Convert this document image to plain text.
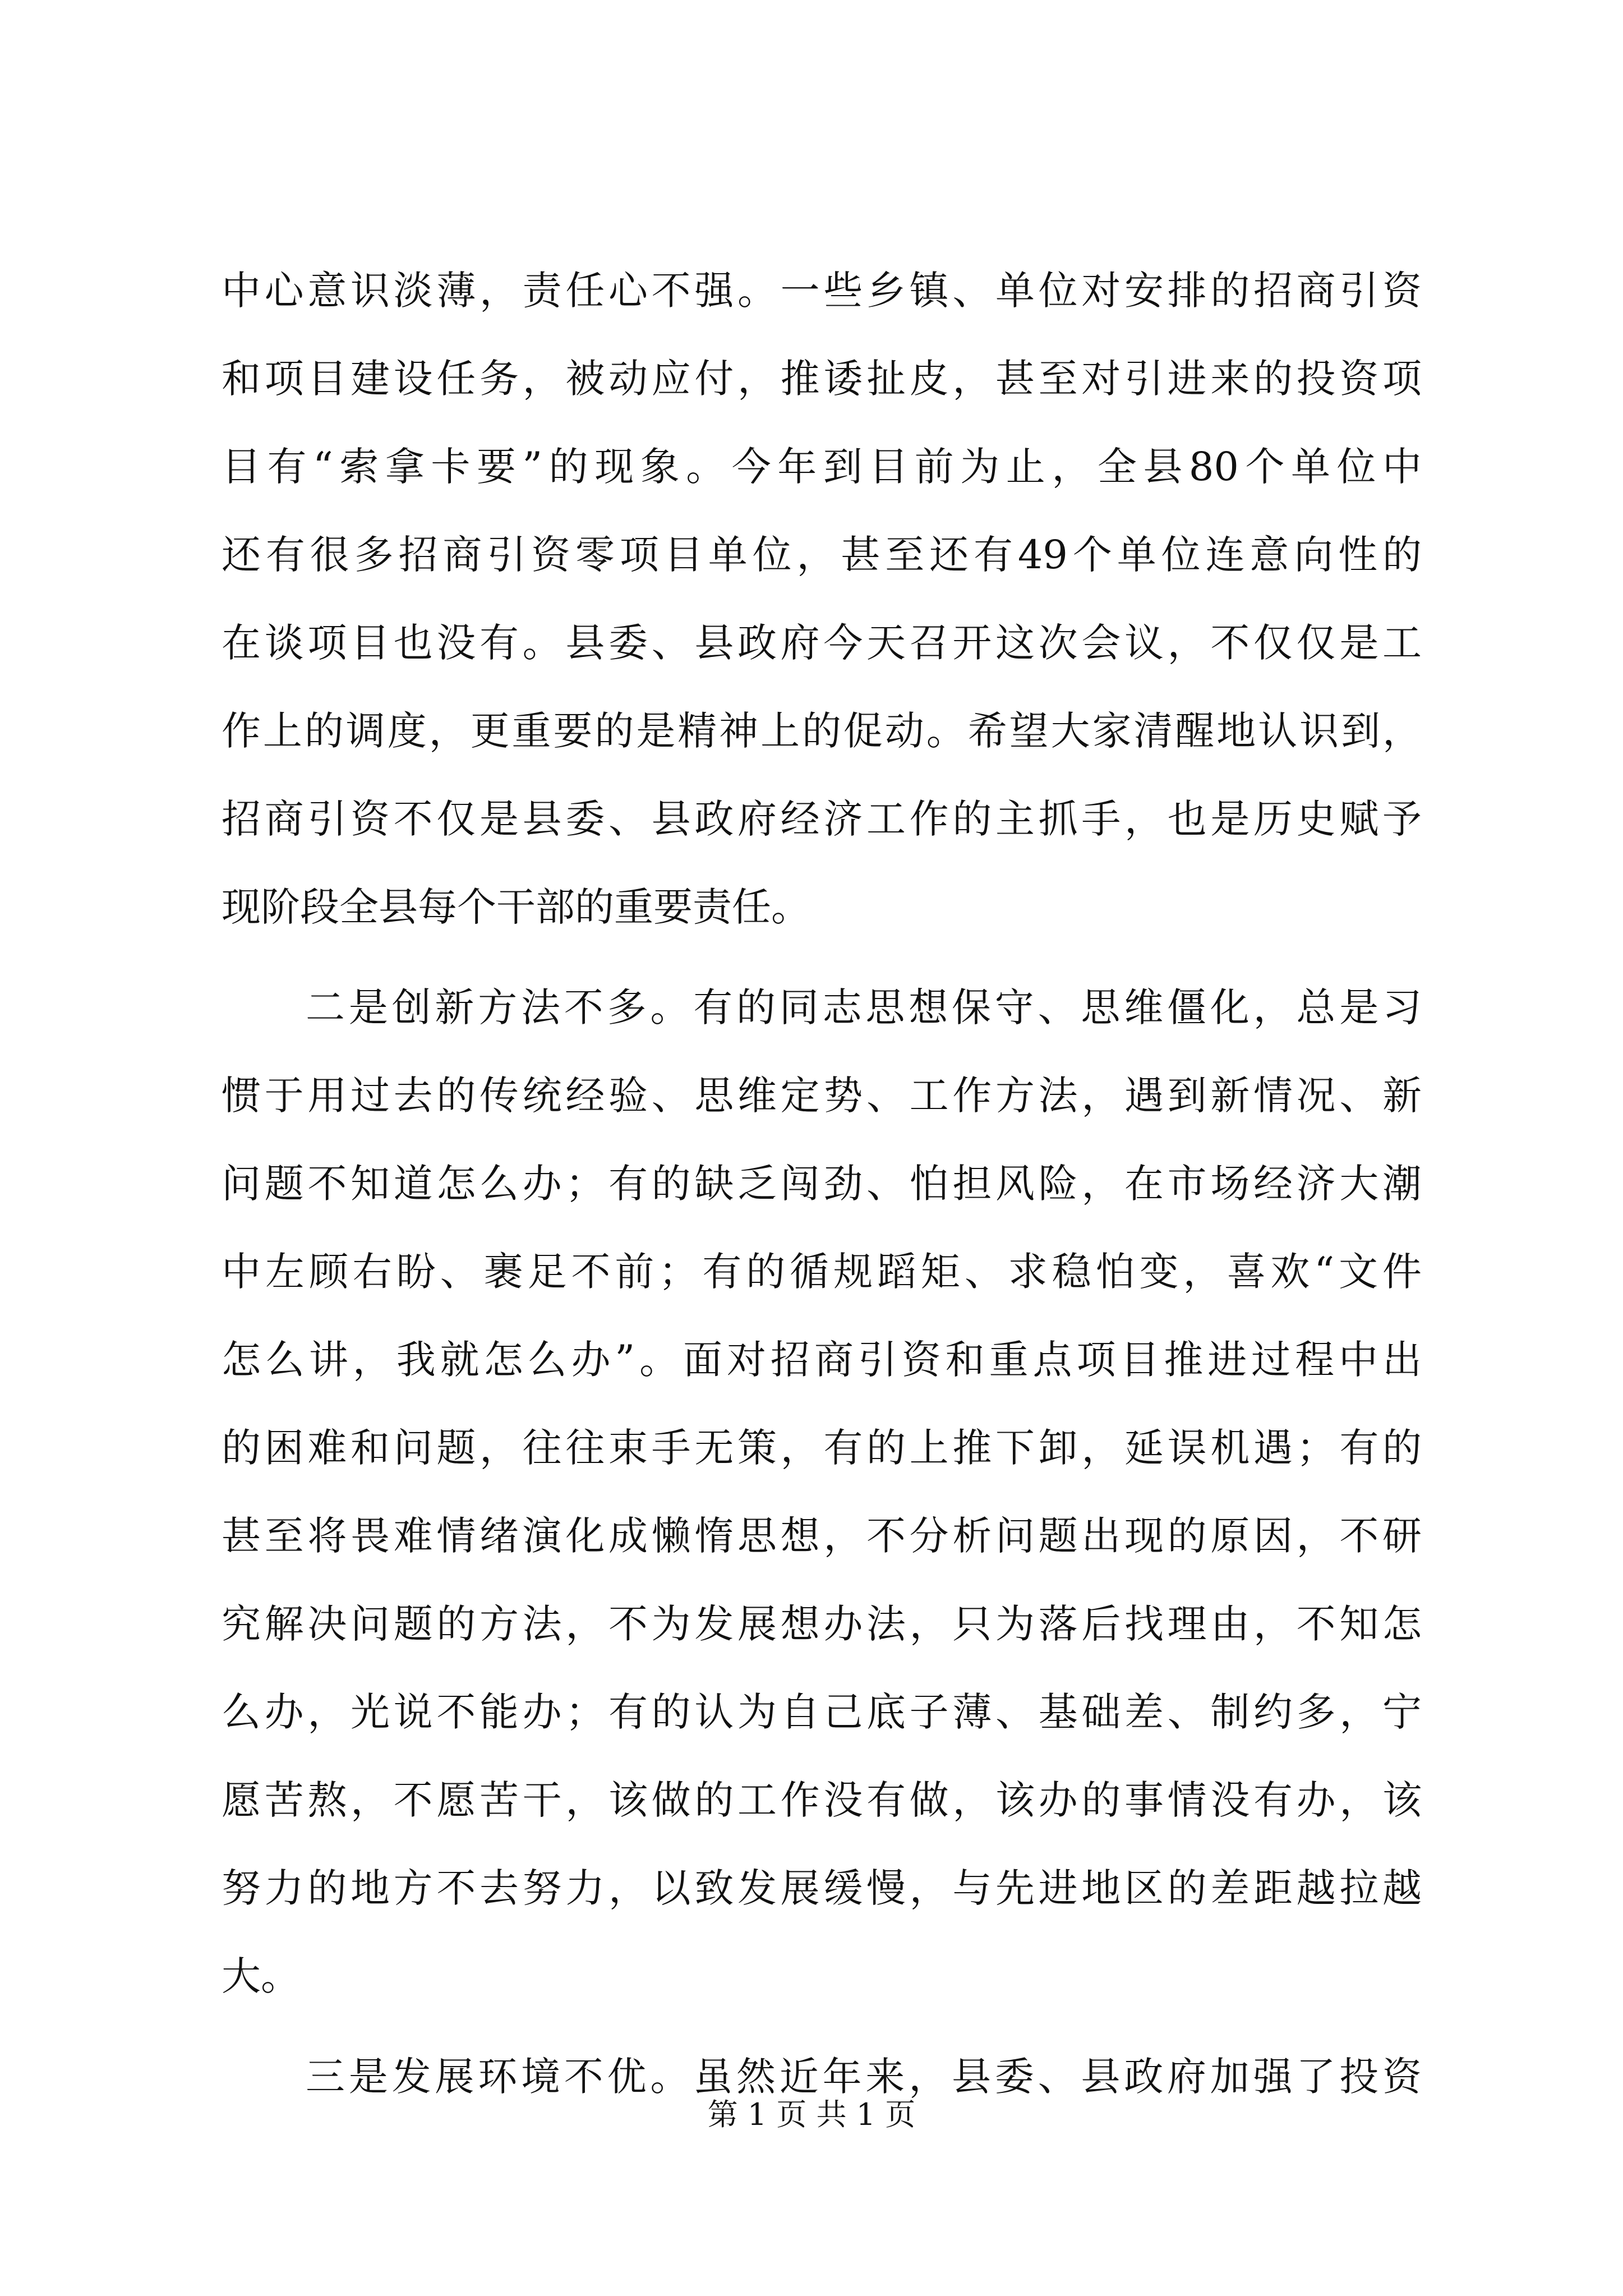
中心意识淡薄，责任心不强。一些乡镇、单位对安排的招商引资
和项目建设任务，被动应付，推诿扯皮，甚至对引进来的投资项
目有“索拿卡要”的现象。今年到目前为止，全县80个单位中
还有很多招商引资零项目单位，甚至还有49个单位连意向性的
在谈项目也没有。县委、县政府今天召开这次会议，不仅仅是工
作上的调度，更重要的是精神上的促动。希望大家清醒地认识到，
招商引资不仅是县委、县政府经济工作的主抓手，也是历史赋予
现阶段全县每个干部的重要责任。
二是创新方法不多。有的同志思想保守、思维僵化，总是习
惯于用过去的传统经验、思维定势、工作方法，遇到新情况、新
问题不知道怎么办；有的缺乏闯劲、怕担风险，在市场经济大潮
中左顾右盼、裹足不前；有的循规蹈矩、求稳怕变，喜欢“文件
怎么讲，我就怎么办”。面对招商引资和重点项目推进过程中出
的困难和问题，往往束手无策，有的上推下卸，延误机遇；有的
甚至将畏难情绪演化成懒惰思想，不分析问题出现的原因，不研
究解决问题的方法，不为发展想办法，只为落后找理由，不知怎
么办，光说不能办；有的认为自己底子薄、基础差、制约多，宁
愿苦熬，不愿苦干，该做的工作没有做，该办的事情没有办，该
努力的地方不去努力，以致发展缓慢，与先进地区的差距越拉越
大。
三是发展环境不优。虽然近年来，县委、县政府加强了投资
第 1 页 共 1 页
